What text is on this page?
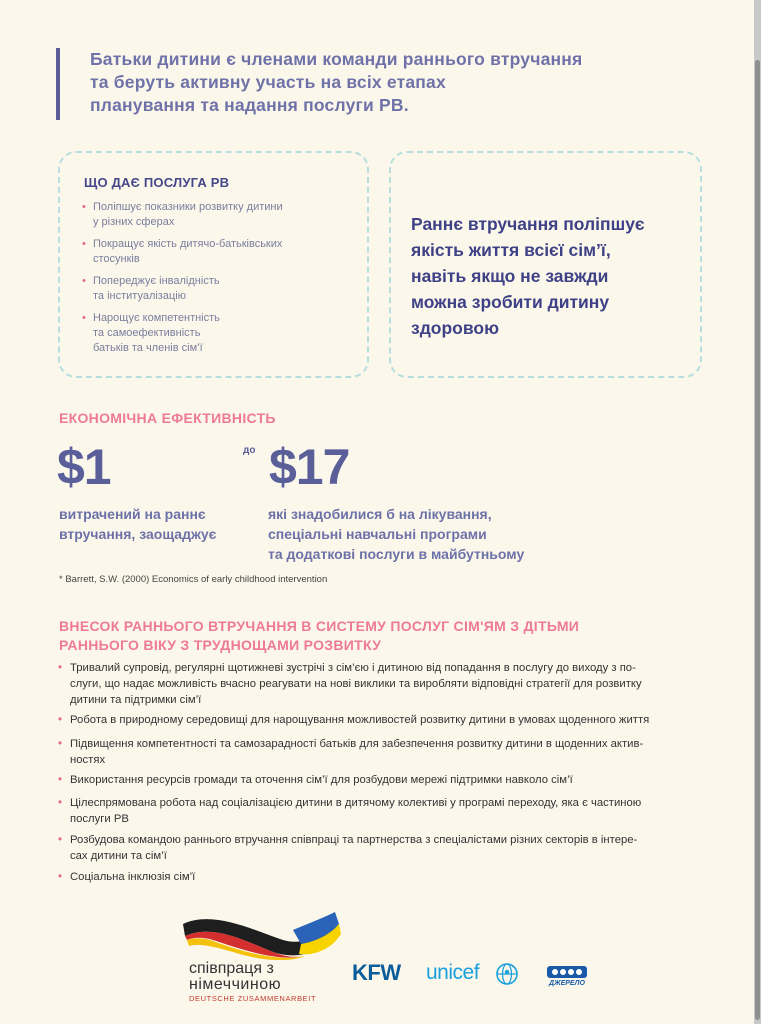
Батьки дитини є членами команди раннього втручання
та беруть активну участь на всіх етапах
планування та надання послуги РВ.
ЩО ДАЄ ПОСЛУГА РВ
• Поліпшує показники розвитку дитини
у різних сферах
• Покращує якість дитячо-батьківських
стосунків
• Попереджує інвалідність
та інституалізацію
• Нарощує компетентність
та самоефективність
батьків та членів сім’ї
Раннє втручання поліпшує
якість життя всієї сім’ї,
навіть якщо не завжди
можна зробити дитину
здоровою
ЕКОНОМІЧНА ЕФЕКТИВНІСТЬ
$1	до $17
витрачений на раннє
втручання, заощаджує
які знадобилися б на лікування,
спеціальні навчальні програми
та додаткові послуги в майбутньому
* Barrett, S.W. (2000) Economics of early childhood intervention
ВНЕСОК РАННЬОГО ВТРУЧАННЯ В СИСТЕМУ ПОСЛУГ СІМ'ЯМ З ДІТЬМИ
РАННЬОГО ВІКУ З ТРУДНОЩАМИ РОЗВИТКУ
• Тривалий супровід, регулярні щотижневі зустрічі з сім’єю і дитиною від попадання в послугу до виходу з по-
слуги, що надає можливість вчасно реагувати на нові виклики та виробляти відповідні стратегії для розвитку
дитини та підтримки сім’ї
• Робота в природному середовищі для нарощування можливостей розвитку дитини в умовах щоденного життя
• Підвищення компетентності та самозарадності батьків для забезпечення розвитку дитини в щоденних актив-
ностях
• Використання ресурсів громади та оточення сім’ї для розбудови мережі підтримки навколо сім’ї
• Цілеспрямована робота над соціалізацією дитини в дитячому колективі у програмі переходу, яка є частиною
послуги РВ
• Розбудова командою раннього втручання співпраці та партнерства з спеціалістами різних секторів в інтере-
сах дитини та сім’ї
• Соціальна інклюзія сім’ї
співпраця з
німеччиною
DEUTSCHE ZUSAMMENARBEIT
KFW unicef	ДЖЕРЕЛО
